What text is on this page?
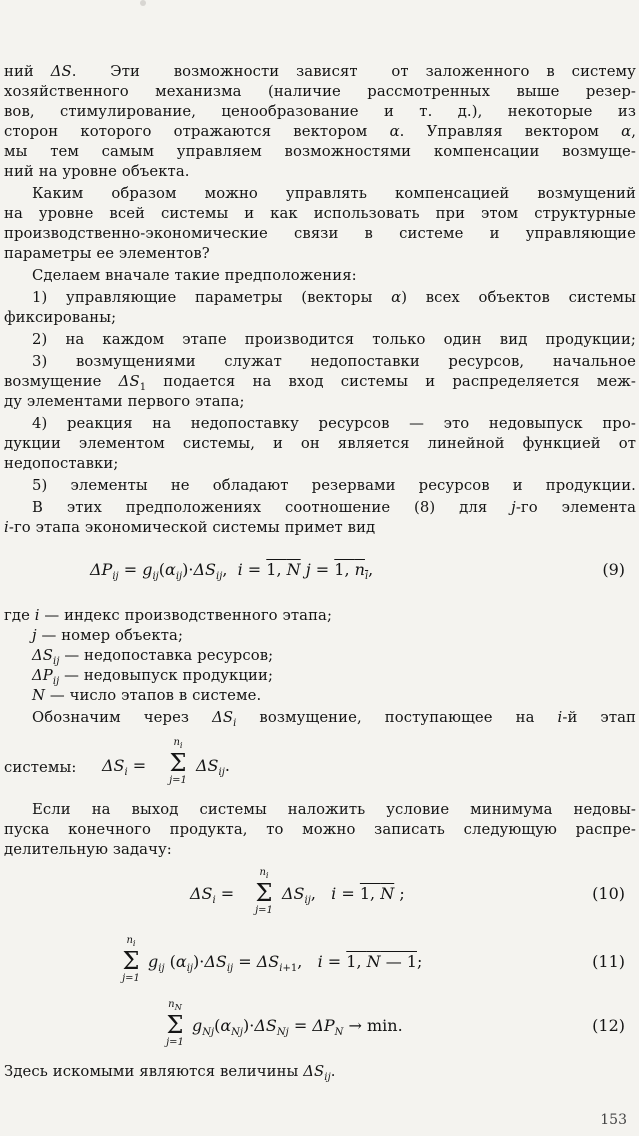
ний ΔS.  Эти  возможности зависят  от заложенного в систему
хозяйственного механизма (наличие рассмотренных выше резер-
вов, стимулирование, ценообразование и т. д.), некоторые из
сторон которого отражаются вектором α. Управляя вектором α,
мы тем самым управляем возможностями компенсации возмуще-
ний на уровне объекта.
Каким образом можно управлять компенсацией возмущений
на уровне всей системы и как использовать при этом структурные
производственно-экономические связи в системе и управляющие
параметры ее элементов?
Сделаем вначале такие предположения:
1) управляющие параметры (векторы α) всех объектов системы
фиксированы;
2) на каждом этапе производится только один вид продукции;
3) возмущениями служат недопоставки ресурсов, начальное
возмущение $\Delta S_1$ подается на вход системы и распределяется меж-
ду элементами первого этапа;
4) реакция на недопоставку ресурсов — это недовыпуск про-
дукции элементом системы, и он является линейной функцией от
недопоставки;
5) элементы не обладают резервами ресурсов и продукции.
В этих предположениях соотношение (8) для j-го элемента
i-го этапа экономической системы примет вид
$\Delta P_{ij} = g_{ij}(\alpha_{ij})\cdot\Delta S_{ij}$,  i = 1, N j = 1, $n_i$,	(9)
где i — индекс производственного этапа;
j — номер объекта;
$\Delta S_{ij}$ — недопоставка ресурсов;
$\Delta P_{ij}$ — недовыпуск продукции;
N — число этапов в системе.
Обозначим через $\Delta S_i$ возмущение, поступающее на i-й этап
системы: $\Delta S_i$ =
$n_i$
Σ
j=1
$\Delta S_{ij}$.
Если на выход системы наложить условие минимума недовы-
пуска конечного продукта, то можно записать следующую распре-
делительную задачу:
$\Delta S_i$ =
$n_i$
Σ
j=1
$\Delta S_{ij}$,   i = 1, N ;	(10)
$n_i$
Σ
j=1
$g_{ij}$ $(\alpha_{ij})\cdot\Delta S_{ij} = \Delta S_{i+1}$,   i = 1, N — 1;	(11)
$n_N$
Σ
j=1
$g_{Nj}(\alpha_{Nj})\cdot\Delta S_{Nj} = \Delta P_N \to \min$.	(12)
Здесь искомыми являются величины $\Delta S_{ij}$.
153
